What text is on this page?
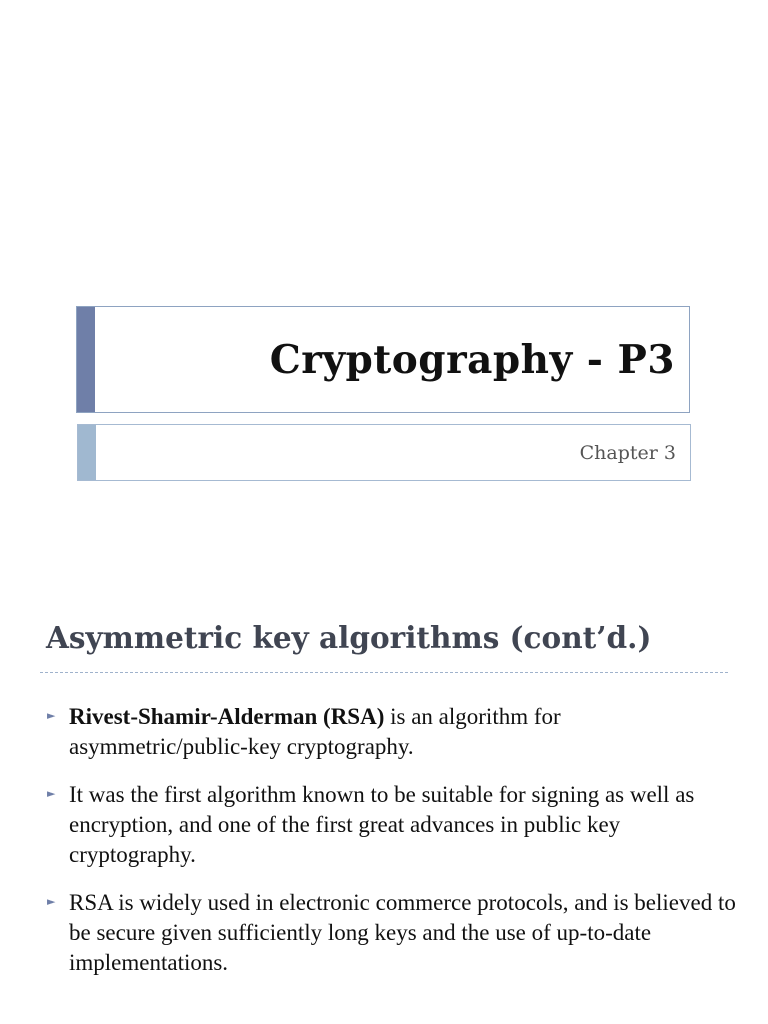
Cryptography - P3
Chapter 3
Asymmetric key algorithms (cont’d.)
► Rivest-Shamir-Alderman (RSA) is an algorithm for asymmetric/public-key cryptography.
► It was the first algorithm known to be suitable for signing as well as encryption, and one of the first great advances in public key cryptography.
► RSA is widely used in electronic commerce protocols, and is believed to be secure given sufficiently long keys and the use of up-to-date implementations.
